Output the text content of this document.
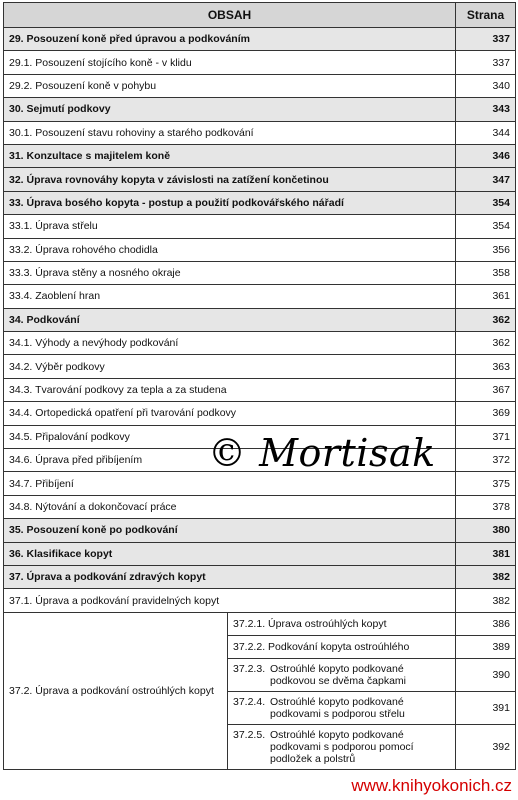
OBSAH		Strana
29. Posouzení koně před úpravou a podkováním		337
29.1. Posouzení stojícího koně - v klidu		337
29.2. Posouzení koně v pohybu		340
30. Sejmutí podkovy		343
30.1. Posouzení stavu rohoviny a starého podkování		344
31. Konzultace s majitelem koně		346
32. Úprava rovnováhy kopyta v závislosti na zatížení končetinou		347
33. Úprava bosého kopyta - postup a použití podkovářského nářadí		354
33.1. Úprava střelu		354
33.2. Úprava rohového chodidla		356
33.3. Úprava stěny a nosného okraje		358
33.4. Zaoblení hran		361
34. Podkování		362
34.1. Výhody a nevýhody podkování		362
34.2. Výběr podkovy		363
34.3. Tvarování podkovy za tepla a za studena		367
34.4. Ortopedická opatření při tvarování podkovy		369
34.5. Připalování podkovy		371
34.6. Úprava před přibíjením		372
34.7. Přibíjení		375
34.8. Nýtování a dokončovací práce		378
35. Posouzení koně po podkování		380
36. Klasifikace kopyt		381
37. Úprava a podkování zdravých kopyt		382
37.1. Úprava a podkování pravidelných kopyt		382
37.2. Úprava a podkování ostroúhlých kopyt	37.2.1. Úprava ostroúhlých kopyt	386
	37.2.2. Podkování kopyta ostroúhlého	389

	37.2.3. Ostroúhlé kopyto podkované podkovou se dvěma čapkami	390

	37.2.4. Ostroúhlé kopyto podkované podkovami s podporou střelu	391

	37.2.5. Ostroúhlé kopyto podkované podkovami s podporou pomocí podložek a polstrů	392
© Mortisak
www.knihyokonich.cz
